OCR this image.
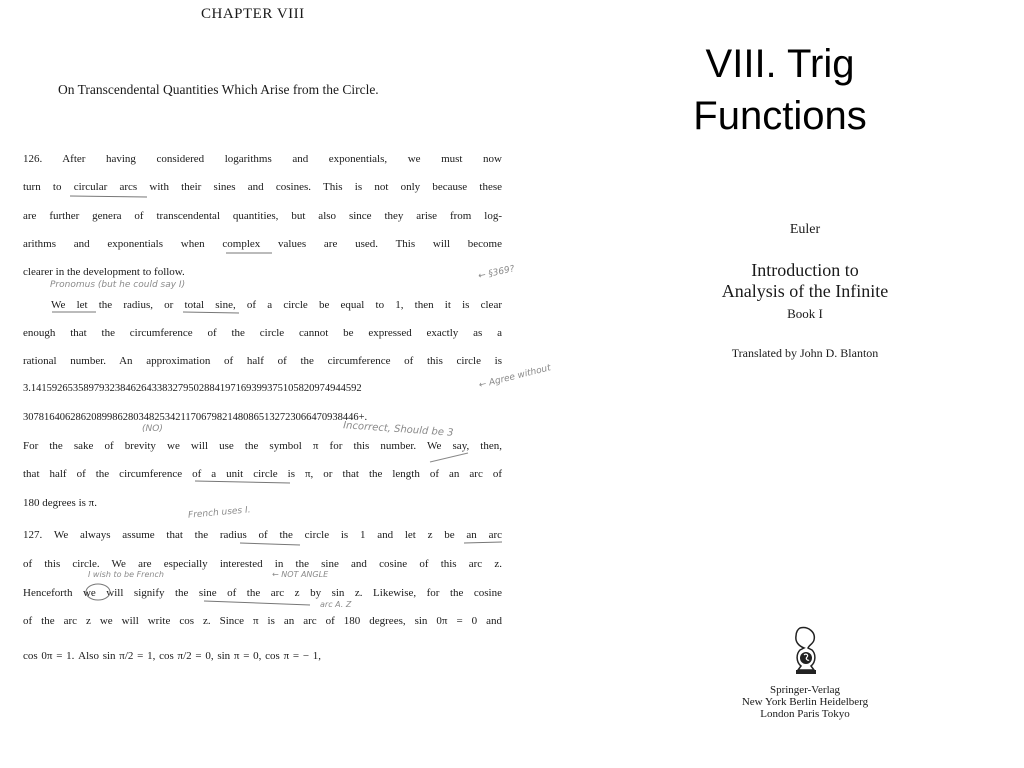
CHAPTER VIII
On Transcendental Quantities Which Arise from the Circle.
126. After having considered logarithms and exponentials, we must now
turn to circular arcs with their sines and cosines. This is not only because these
are further genera of transcendental quantities, but also since they arise from log-
arithms and exponentials when complex values are used. This will become
clearer in the development to follow.
We let the radius, or total sine, of a circle be equal to 1, then it is clear
enough that the circumference of the circle cannot be expressed exactly as a
rational number. An approximation of half of the circumference of this circle is
3.14159265358979323846264338327950288419716939937510582097494459​2
30781640628620899862803482534211706798214808651327230664709384​46+.
For the sake of brevity we will use the symbol π for this number. We say, then,
that half of the circumference of a unit circle is π, or that the length of an arc of
180 degrees is π.
127. We always assume that the radius of the circle is 1 and let z be an arc
of this circle. We are especially interested in the sine and cosine of this arc z.
Henceforth we will signify the sine of the arc z by sin z. Likewise, for the cosine
of the arc z we will write cos z. Since π is an arc of 180 degrees, sin 0π = 0 and
cos 0π = 1. Also sin π/2 = 1, cos π/2 = 0, sin π = 0, cos π = − 1,
Pronomus (but he could say I)
← §369?
← Agree without
(NO)	Incorrect, Should be 3
French uses I.
I wish to be French	← NOT ANGLE
arc A. Z
VIII. Trig
Functions
Euler
Introduction to
Analysis of the Infinite
Book I
Translated by John D. Blanton
Springer-Verlag
New York Berlin Heidelberg
London Paris Tokyo
